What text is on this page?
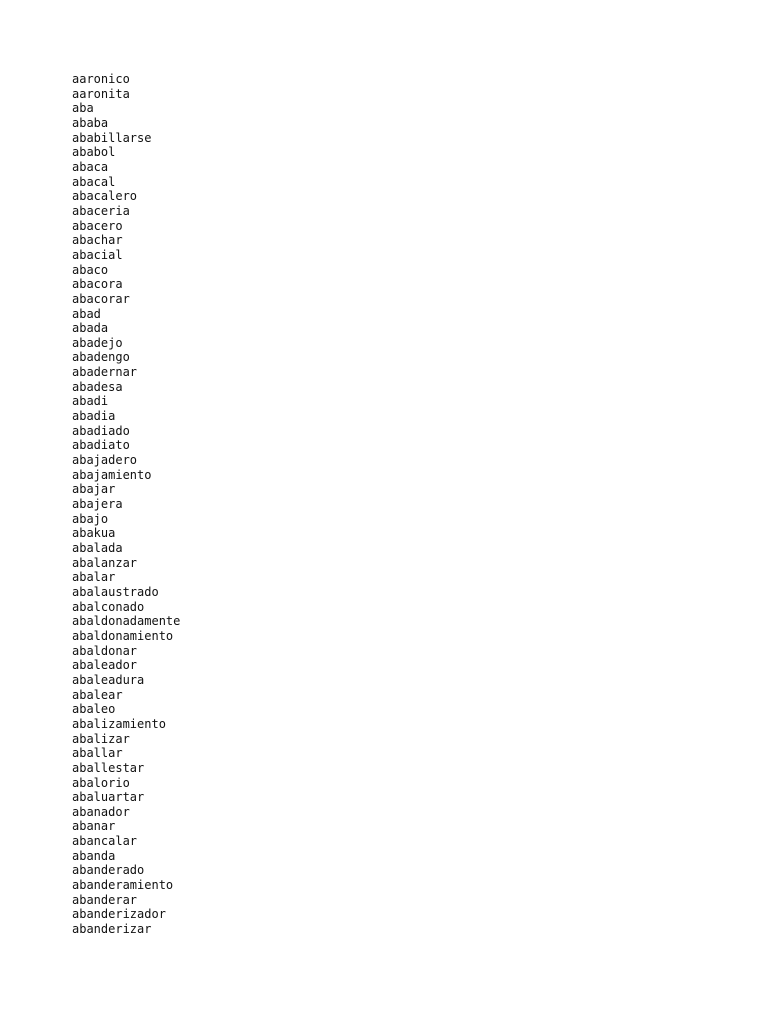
aaronico
aaronita
aba
ababa
ababillarse
ababol
abaca
abacal
abacalero
abaceria
abacero
abachar
abacial
abaco
abacora
abacorar
abad
abada
abadejo
abadengo
abadernar
abadesa
abadi
abadia
abadiado
abadiato
abajadero
abajamiento
abajar
abajera
abajo
abakua
abalada
abalanzar
abalar
abalaustrado
abalconado
abaldonadamente
abaldonamiento
abaldonar
abaleador
abaleadura
abalear
abaleo
abalizamiento
abalizar
aballar
aballestar
abalorio
abaluartar
abanador
abanar
abancalar
abanda
abanderado
abanderamiento
abanderar
abanderizador
abanderizar
